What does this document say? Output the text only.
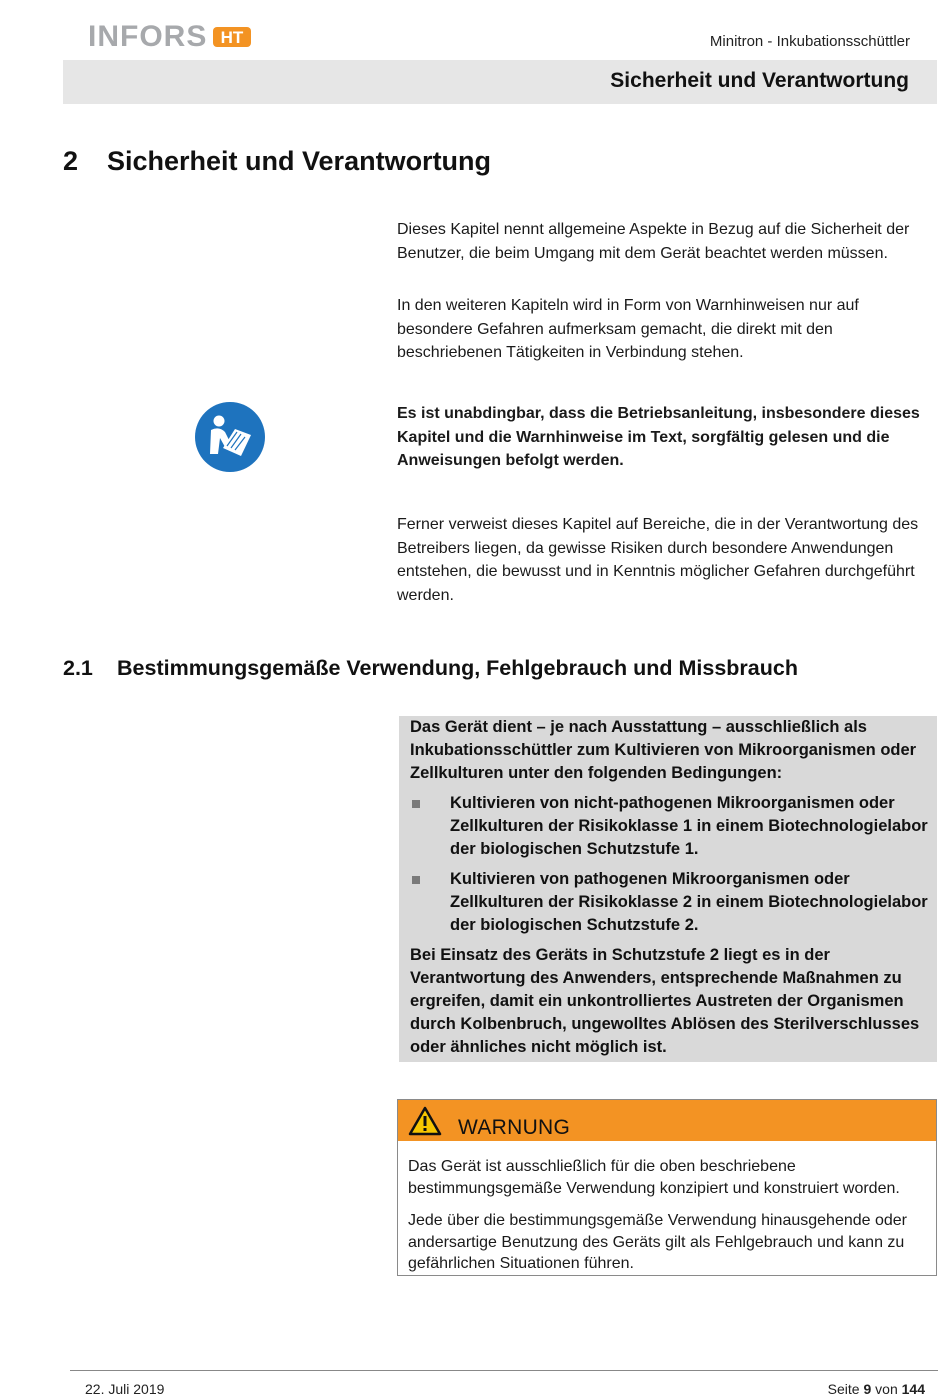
INFORS HT	Minitron - Inkubationsschüttler
Sicherheit und Verantwortung
2 Sicherheit und Verantwortung

Dieses Kapitel nennt allgemeine Aspekte in Bezug auf die Sicherheit der Benutzer, die beim Umgang mit dem Gerät beachtet werden müssen.

In den weiteren Kapiteln wird in Form von Warnhinweisen nur auf besondere Gefahren aufmerksam gemacht, die direkt mit den beschriebenen Tätigkeiten in Verbindung stehen.

Es ist unabdingbar, dass die Betriebsanleitung, insbesondere dieses Kapitel und die Warnhinweise im Text, sorgfältig gelesen und die Anweisungen befolgt werden.

Ferner verweist dieses Kapitel auf Bereiche, die in der Verantwortung des Betreibers liegen, da gewisse Risiken durch besondere Anwendungen entstehen, die bewusst und in Kenntnis möglicher Gefahren durchgeführt werden.

2.1 Bestimmungsgemäße Verwendung, Fehlgebrauch und Missbrauch

Das Gerät dient – je nach Ausstattung – ausschließlich als Inkubationsschüttler zum Kultivieren von Mikroorganismen oder Zellkulturen unter den folgenden Bedingungen:

Kultivieren von nicht-pathogenen Mikroorganismen oder Zellkulturen der Risikoklasse 1 in einem Biotechnologielabor der biologischen Schutzstufe 1.
Kultivieren von pathogenen Mikroorganismen oder Zellkulturen der Risikoklasse 2 in einem Biotechnologielabor der biologischen Schutzstufe 2.

Bei Einsatz des Geräts in Schutzstufe 2 liegt es in der Verantwortung des Anwenders, entsprechende Maßnahmen zu ergreifen, damit ein unkontrolliertes Austreten der Organismen durch Kolbenbruch, ungewolltes Ablösen des Sterilverschlusses oder ähnliches nicht möglich ist.

WARNUNG

Das Gerät ist ausschließlich für die oben beschriebene bestimmungsgemäße Verwendung konzipiert und konstruiert worden.

Jede über die bestimmungsgemäße Verwendung hinausgehende oder andersartige Benutzung des Geräts gilt als Fehlgebrauch und kann zu gefährlichen Situationen führen.

22. Juli 2019	Seite 9 von 144
